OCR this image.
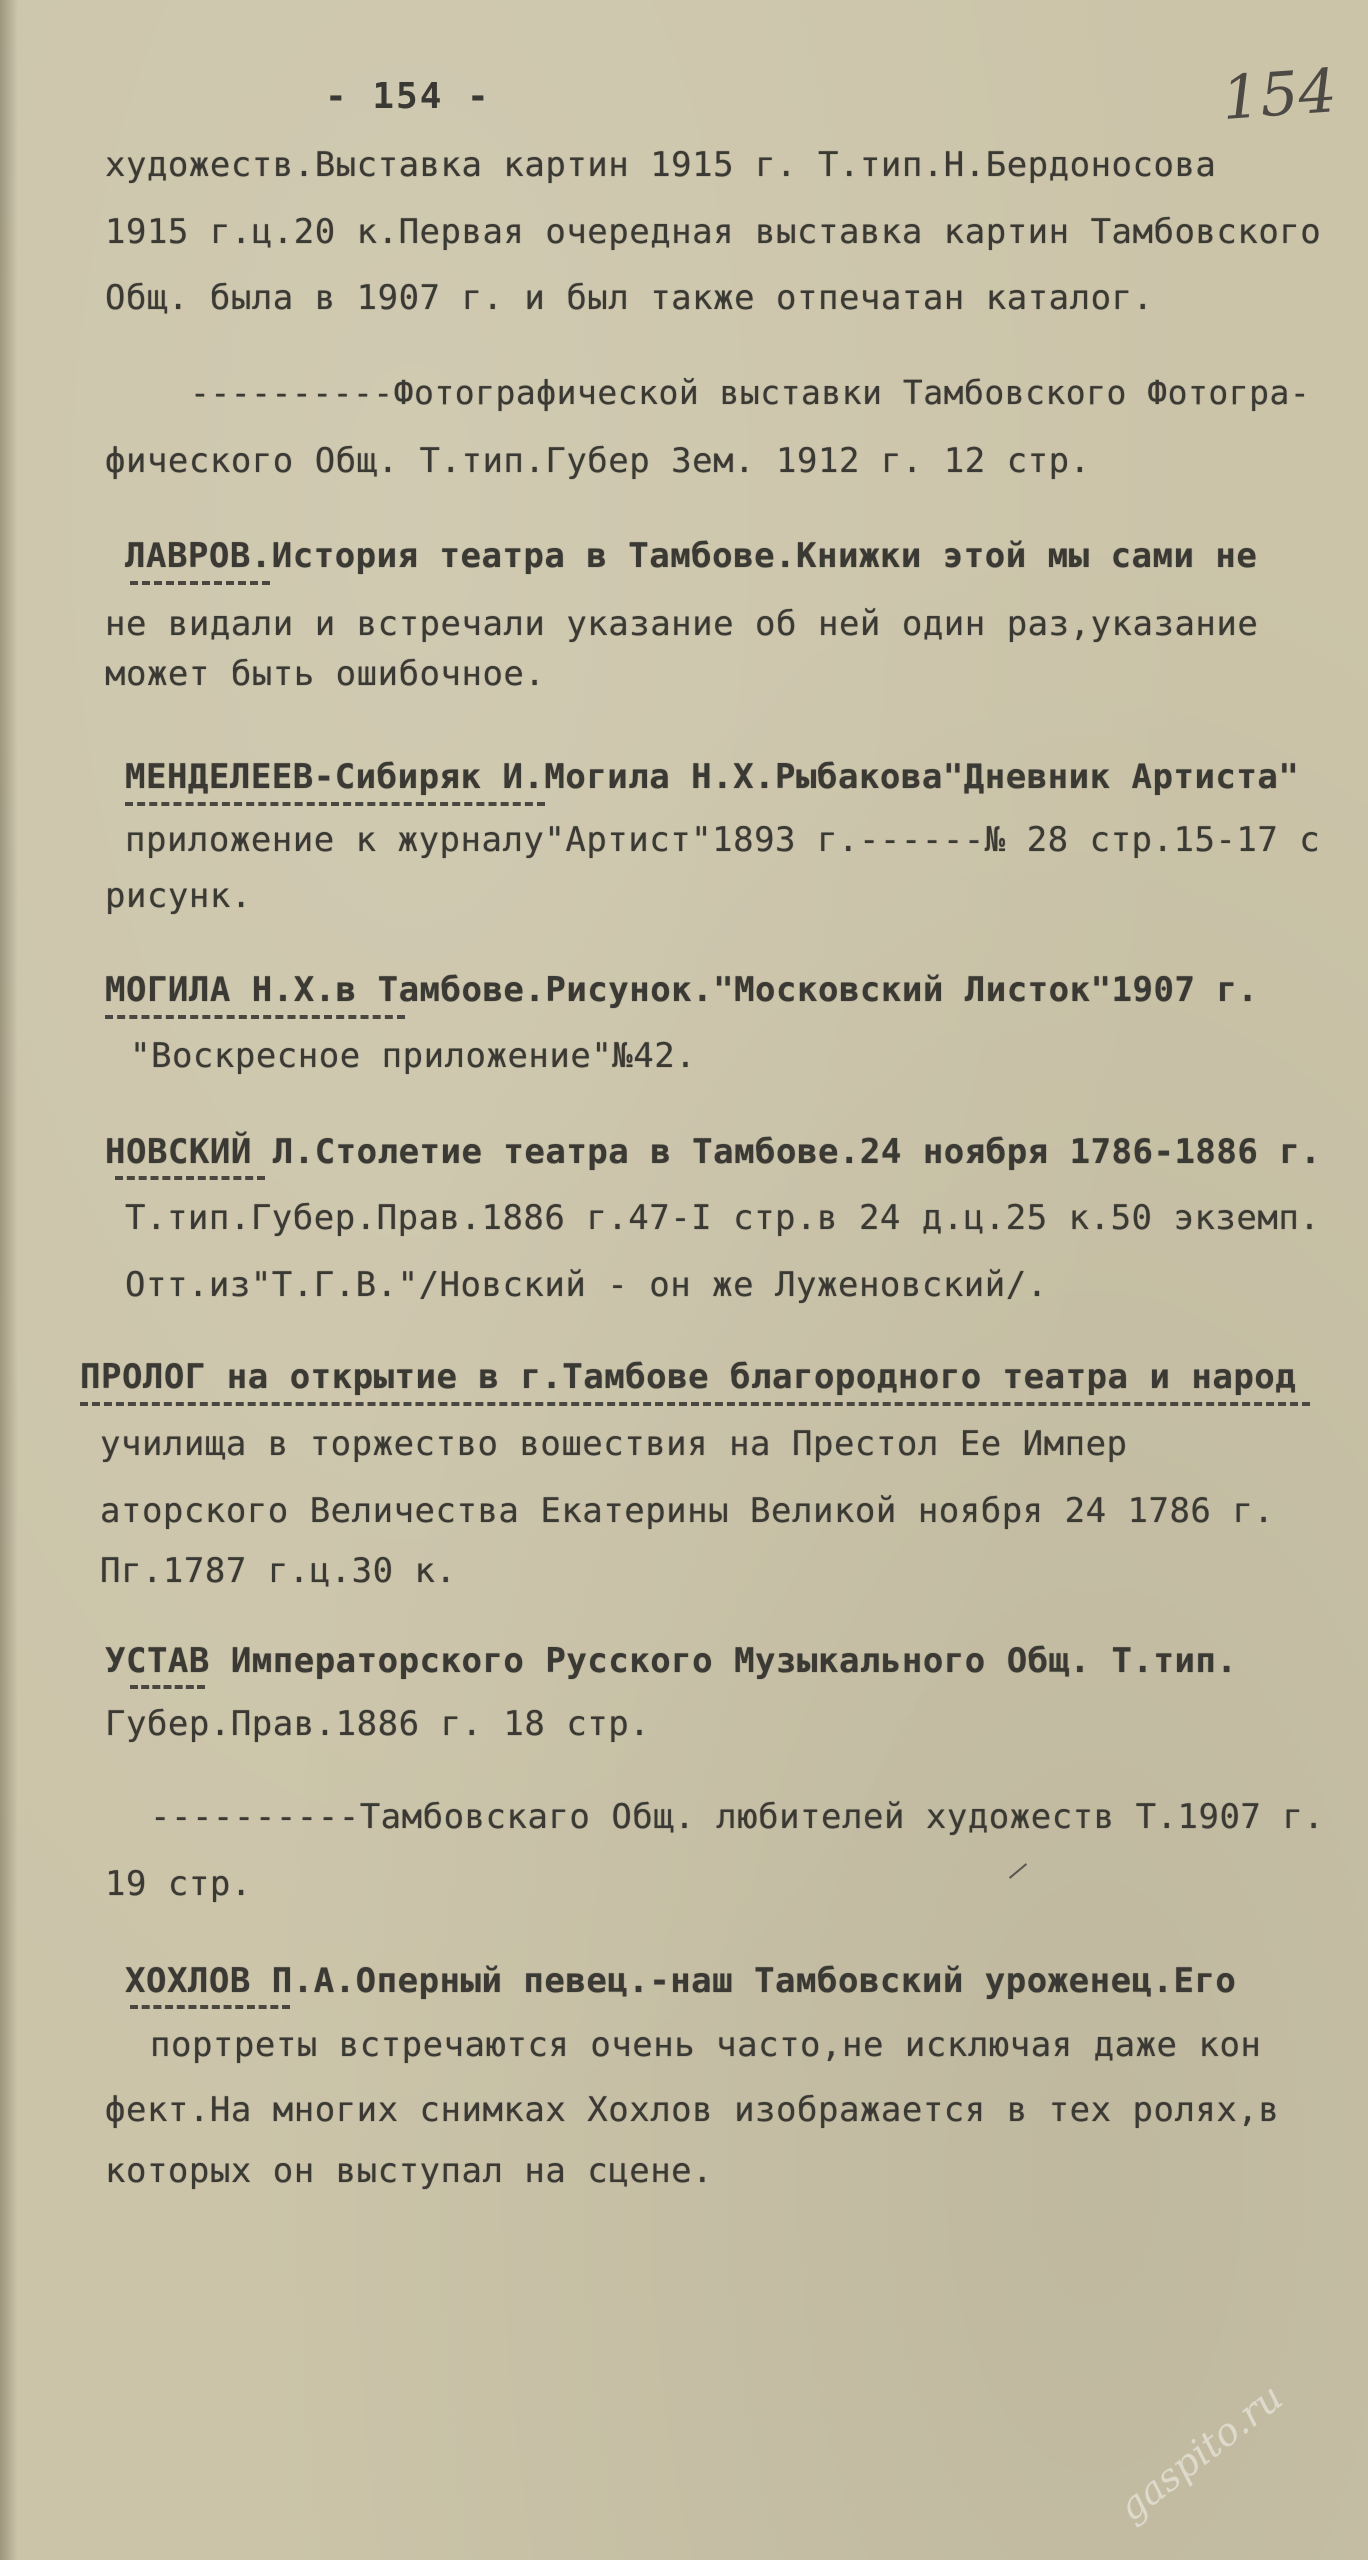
- 154 -	154
художеств.Выставка картин 1915 г. Т.тип.Н.Бердоносова
1915 г.ц.20 к.Первая очередная выставка картин Тамбовского
Общ. была в 1907 г. и был также отпечатан каталог.
----------Фотографической выставки Тамбовского Фотогра-
фического Общ. Т.тип.Губер Зем. 1912 г. 12 стр.
ЛАВРОВ.История театра в Тамбове.Книжки этой мы сами не
не видали и встречали указание об ней один раз,указание
может быть ошибочное.
МЕНДЕЛЕЕВ-Сибиряк И.Могила Н.Х.Рыбакова"Дневник Артиста"
приложение к журналу"Артист"1893 г.------№ 28 стр.15-17 с
рисунк.
МОГИЛА Н.Х.в Тамбове.Рисунок."Московский Листок"1907 г.
"Воскресное приложение"№42.
НОВСКИЙ Л.Столетие театра в Тамбове.24 ноября 1786-1886 г.
Т.тип.Губер.Прав.1886 г.47-I стр.в 24 д.ц.25 к.50 экземп.
Отт.из"Т.Г.В."/Новский - он же Луженовский/.
ПРОЛОГ на открытие в г.Тамбове благородного театра и народ
училища в торжество вошествия на Престол Ее Импер
аторского Величества Екатерины Великой ноября 24 1786 г.
Пг.1787 г.ц.30 к.
УСТАВ Императорского Русского Музыкального Общ. Т.тип.
Губер.Прав.1886 г. 18 стр.
----------Тамбовскаго Общ. любителей художеств Т.1907 г.
19 стр.
ХОХЛОВ П.А.Оперный певец.-наш Тамбовский уроженец.Его
портреты встречаются очень часто,не исключая даже кон
фект.На многих снимках Хохлов изображается в тех ролях,в
которых он выступал на сцене.
gaspito.ru
